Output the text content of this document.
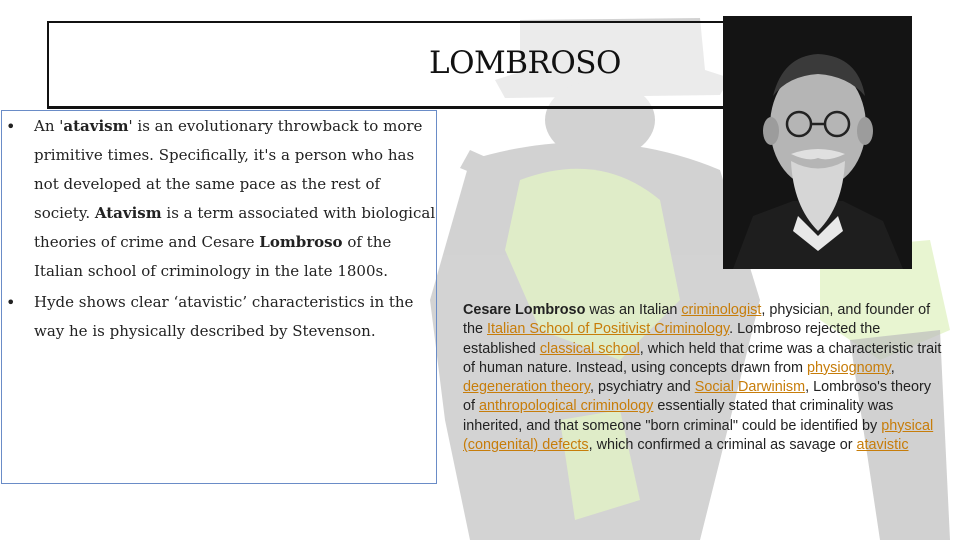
LOMBROSO
• An 'atavism' is an evolutionary throwback to more primitive times. Specifically, it's a person who has not developed at the same pace as the rest of society. Atavism is a term associated with biological theories of crime and Cesare Lombroso of the Italian school of criminology in the late 1800s.
• Hyde shows clear ‘atavistic’ characteristics in the way he is physically described by Stevenson.
Cesare Lombroso was an Italian criminologist, physician, and founder of the Italian School of Positivist Criminology. Lombroso rejected the established classical school, which held that crime was a characteristic trait of human nature. Instead, using concepts drawn from physiognomy, degeneration theory, psychiatry and Social Darwinism, Lombroso's theory of anthropological criminology essentially stated that criminality was inherited, and that someone "born criminal" could be identified by physical (congenital) defects, which confirmed a criminal as savage or atavistic
